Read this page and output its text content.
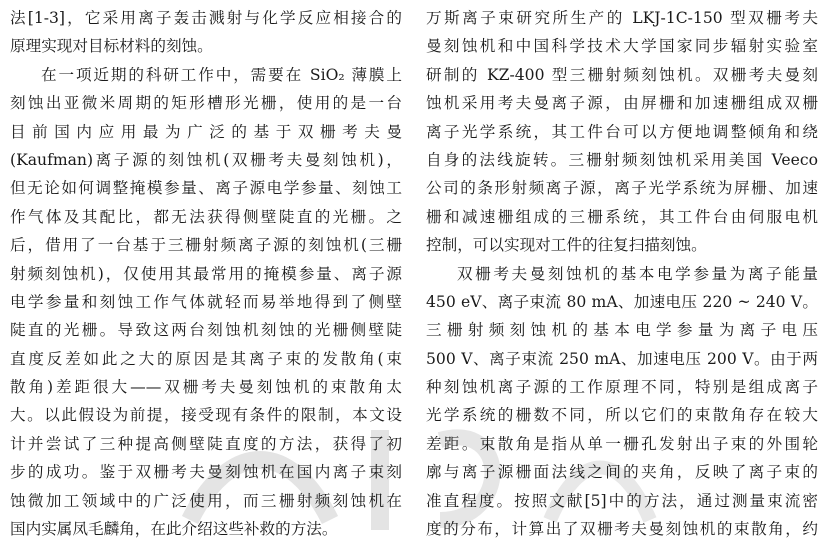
法[1-3]，它采用离子轰击溅射与化学反应相接合的
原理实现对目标材料的刻蚀。
在一项近期的科研工作中，需要在 SiO₂ 薄膜上
刻蚀出亚微米周期的矩形槽形光栅，使用的是一台
目前国内应用最为广泛的基于双栅考夫曼
(Kaufman)离子源的刻蚀机(双栅考夫曼刻蚀机)，
但无论如何调整掩模参量、离子源电学参量、刻蚀工
作气体及其配比，都无法获得侧壁陡直的光栅。之
后，借用了一台基于三栅射频离子源的刻蚀机(三栅
射频刻蚀机)，仅使用其最常用的掩模参量、离子源
电学参量和刻蚀工作气体就轻而易举地得到了侧壁
陡直的光栅。导致这两台刻蚀机刻蚀的光栅侧壁陡
直度反差如此之大的原因是其离子束的发散角(束
散角)差距很大——双栅考夫曼刻蚀机的束散角太
大。以此假设为前提，接受现有条件的限制，本文设
计并尝试了三种提高侧壁陡直度的方法，获得了初
步的成功。鉴于双栅考夫曼刻蚀机在国内离子束刻
蚀微加工领域中的广泛使用，而三栅射频刻蚀机在
国内实属凤毛麟角，在此介绍这些补救的方法。
万斯离子束研究所生产的 LKJ-1C-150 型双栅考夫
曼刻蚀机和中国科学技术大学国家同步辐射实验室
研制的 KZ-400 型三栅射频刻蚀机。双栅考夫曼刻
蚀机采用考夫曼离子源，由屏栅和加速栅组成双栅
离子光学系统，其工件台可以方便地调整倾角和绕
自身的法线旋转。三栅射频刻蚀机采用美国 Veeco
公司的条形射频离子源，离子光学系统为屏栅、加速
栅和减速栅组成的三栅系统，其工件台由伺服电机
控制，可以实现对工件的往复扫描刻蚀。
双栅考夫曼刻蚀机的基本电学参量为离子能量
450 eV、离子束流 80 mA、加速电压 220 ~ 240 V。
三栅射频刻蚀机的基本电学参量为离子电压
500 V、离子束流 250 mA、加速电压 200 V。由于两
种刻蚀机离子源的工作原理不同，特别是组成离子
光学系统的栅数不同，所以它们的束散角存在较大
差距。束散角是指从单一栅孔发射出子束的外围轮
廓与离子源栅面法线之间的夹角，反映了离子束的
准直程度。按照文献[5]中的方法，通过测量束流密
度的分布，计算出了双栅考夫曼刻蚀机的束散角，约
